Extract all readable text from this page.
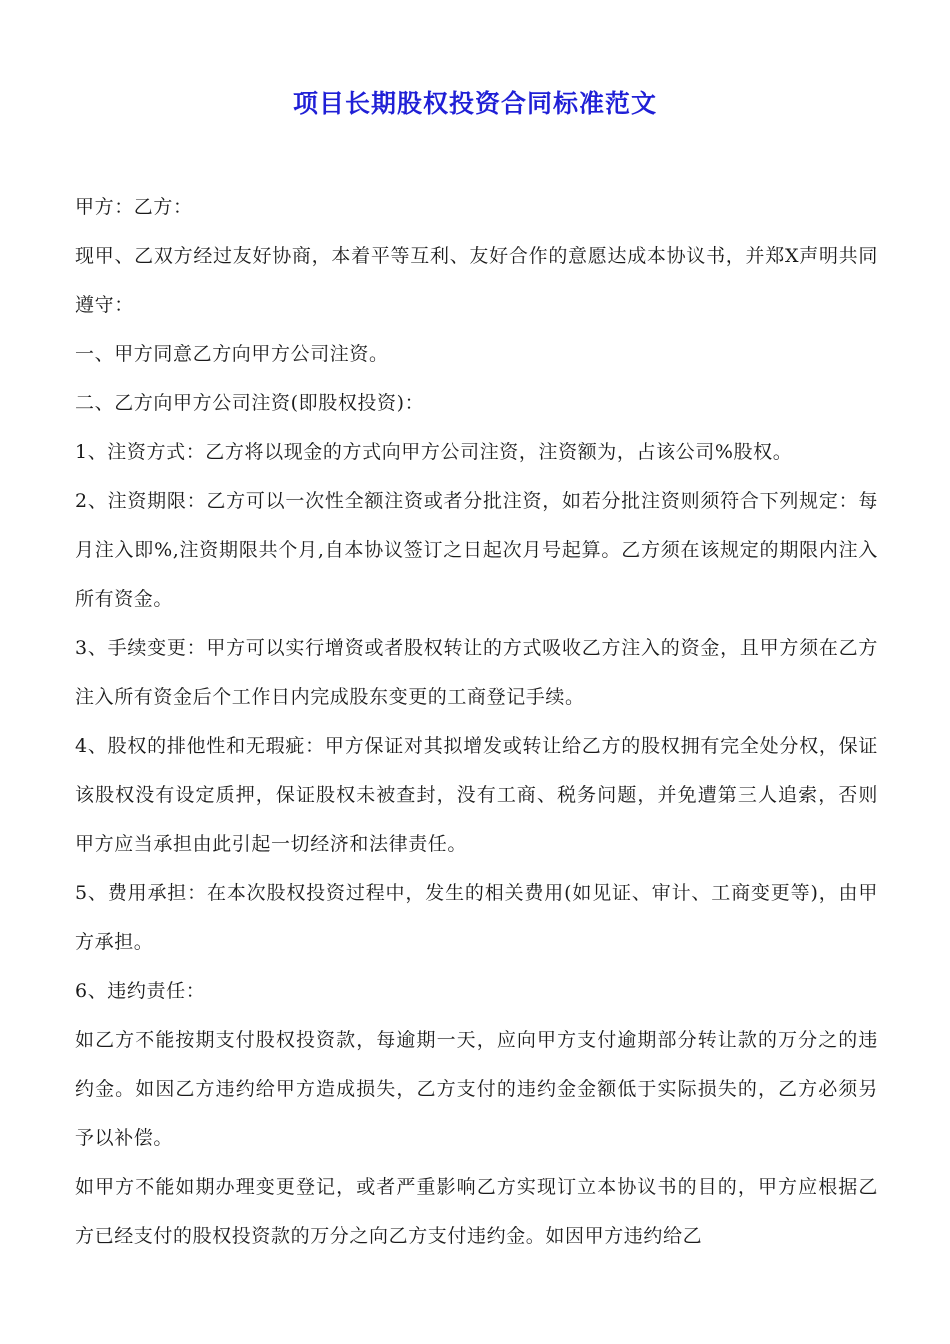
项目长期股权投资合同标准范文

甲方：乙方：

现甲、乙双方经过友好协商，本着平等互利、友好合作的意愿达成本协议书，并郑X声明共同遵守：

一、甲方同意乙方向甲方公司注资。

二、乙方向甲方公司注资(即股权投资)：

1、注资方式：乙方将以现金的方式向甲方公司注资，注资额为，占该公司%股权。

2、注资期限：乙方可以一次性全额注资或者分批注资，如若分批注资则须符合下列规定：每月注入即%,注资期限共个月,自本协议签订之日起次月号起算。乙方须在该规定的期限内注入所有资金。

3、手续变更：甲方可以实行增资或者股权转让的方式吸收乙方注入的资金，且甲方须在乙方注入所有资金后个工作日内完成股东变更的工商登记手续。

4、股权的排他性和无瑕疵：甲方保证对其拟增发或转让给乙方的股权拥有完全处分权，保证该股权没有设定质押，保证股权未被查封，没有工商、税务问题，并免遭第三人追索，否则甲方应当承担由此引起一切经济和法律责任。

5、费用承担：在本次股权投资过程中，发生的相关费用(如见证、审计、工商变更等)，由甲方承担。

6、违约责任：

如乙方不能按期支付股权投资款，每逾期一天，应向甲方支付逾期部分转让款的万分之的违约金。如因乙方违约给甲方造成损失，乙方支付的违约金金额低于实际损失的，乙方必须另予以补偿。

如甲方不能如期办理变更登记，或者严重影响乙方实现订立本协议书的目的，甲方应根据乙方已经支付的股权投资款的万分之向乙方支付违约金。如因甲方违约给乙
